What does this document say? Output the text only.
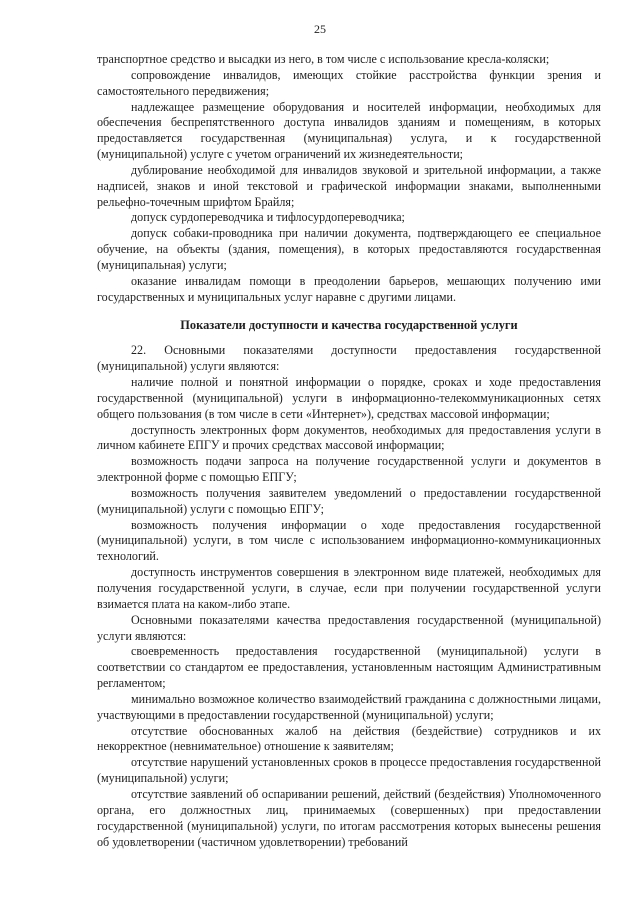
25

транспортное средство и высадки из него, в том числе с использование кресла-коляски;

сопровождение инвалидов, имеющих стойкие расстройства функции зрения и самостоятельного передвижения;

надлежащее размещение оборудования и носителей информации, необходимых для обеспечения беспрепятственного доступа инвалидов зданиям и помещениям, в которых предоставляется государственная (муниципальная) услуга, и к государственной (муниципальной) услуге с учетом ограничений их жизнедеятельности;

дублирование необходимой для инвалидов звуковой и зрительной информации, а также надписей, знаков и иной текстовой и графической информации знаками, выполненными рельефно-точечным шрифтом Брайля;

допуск сурдопереводчика и тифлосурдопереводчика;

допуск собаки-проводника при наличии документа, подтверждающего ее специальное обучение, на объекты (здания, помещения), в которых предоставляются государственная (муниципальная) услуги;

оказание инвалидам помощи в преодолении барьеров, мешающих получению ими государственных и муниципальных услуг наравне с другими лицами.

Показатели доступности и качества государственной услуги

22. Основными показателями доступности предоставления государственной (муниципальной) услуги являются:

наличие полной и понятной информации о порядке, сроках и ходе предоставления государственной (муниципальной) услуги в информационно-телекоммуникационных сетях общего пользования (в том числе в сети «Интернет»), средствах массовой информации;

доступность электронных форм документов, необходимых для предоставления услуги в личном кабинете ЕПГУ и прочих средствах массовой информации;

возможность подачи запроса на получение государственной услуги и документов в электронной форме с помощью ЕПГУ;

возможность получения заявителем уведомлений о предоставлении государственной (муниципальной) услуги с помощью ЕПГУ;

возможность получения информации о ходе предоставления государственной (муниципальной) услуги, в том числе с использованием информационно-коммуникационных технологий.

доступность инструментов совершения в электронном виде платежей, необходимых для получения государственной услуги, в случае, если при получении государственной услуги взимается плата на каком-либо этапе.

Основными показателями качества предоставления государственной (муниципальной) услуги являются:

своевременность предоставления государственной (муниципальной) услуги в соответствии со стандартом ее предоставления, установленным настоящим Административным регламентом;

минимально возможное количество взаимодействий гражданина с должностными лицами, участвующими в предоставлении государственной (муниципальной) услуги;

отсутствие обоснованных жалоб на действия (бездействие) сотрудников и их некорректное (невнимательное) отношение к заявителям;

отсутствие нарушений установленных сроков в процессе предоставления государственной (муниципальной) услуги;

отсутствие заявлений об оспаривании решений, действий (бездействия) Уполномоченного органа, его должностных лиц, принимаемых (совершенных) при предоставлении государственной (муниципальной) услуги, по итогам рассмотрения которых вынесены решения об удовлетворении (частичном удовлетворении) требований
